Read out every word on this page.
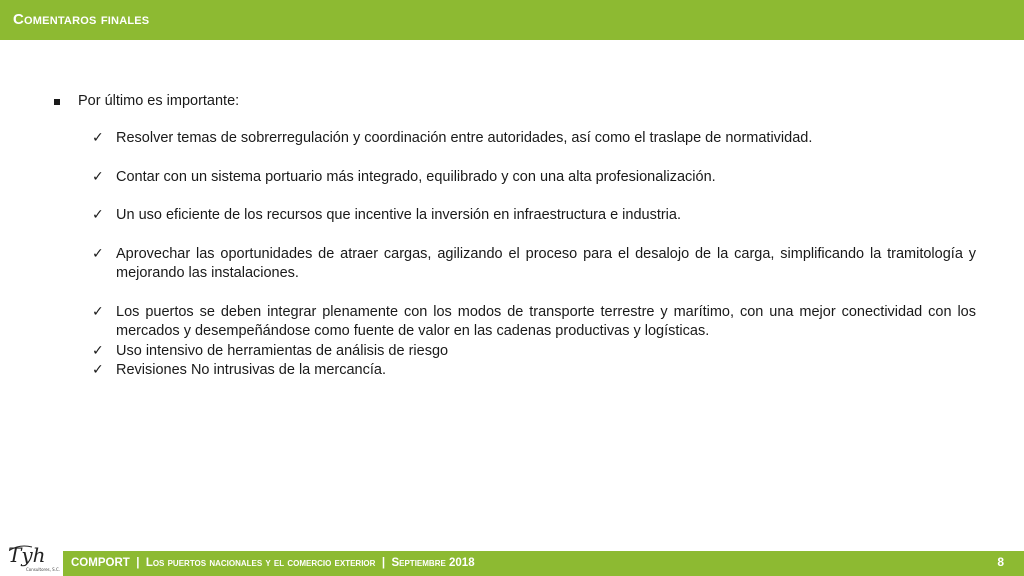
Comentaros finales
Por último es importante:
✓ Resolver temas de sobrerregulación y coordinación entre autoridades, así como el traslape de normatividad.
✓ Contar con un sistema portuario más integrado, equilibrado y con una alta profesionalización.
✓ Un uso eficiente de los recursos que incentive la inversión en infraestructura e industria.
✓ Aprovechar las oportunidades de atraer cargas, agilizando el proceso para el desalojo de la carga, simplificando la tramitología y mejorando las instalaciones.
✓ Los puertos se deben integrar plenamente con los modos de transporte terrestre y marítimo, con una mejor conectividad con los mercados y desempeñándose como fuente de valor en las cadenas productivas y logísticas.
✓ Uso intensivo de herramientas de análisis de riesgo
✓ Revisiones No intrusivas de la mercancía.
Tyh
Consultores, S.C.
COMPORT | Los puertos nacionales y el comercio exterior | Septiembre 2018	8
